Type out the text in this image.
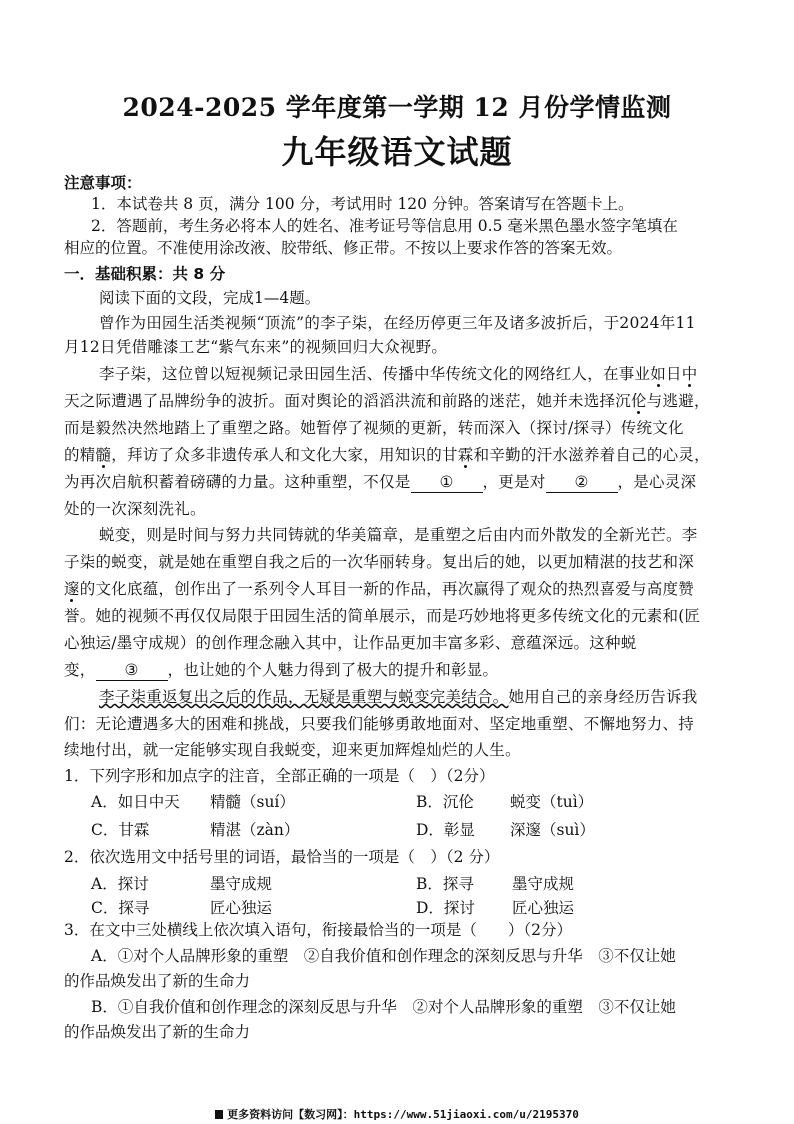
2024-2025 学年度第一学期 12 月份学情监测
九年级语文试题
注意事项：
1．本试卷共 8 页，满分 100 分，考试用时 120 分钟。答案请写在答题卡上。
2．答题前，考生务必将本人的姓名、准考证号等信息用 0.5 毫米黑色墨水签字笔填在
相应的位置。不准使用涂改液、胶带纸、修正带。不按以上要求作答的答案无效。
一．基础积累：共 8 分
阅读下面的文段，完成1—4题。
曾作为田园生活类视频“顶流”的李子柒，在经历停更三年及诸多波折后，于2024年11
月12日凭借雕漆工艺“紫气东来”的视频回归大众视野。
李子柒，这位曾以短视频记录田园生活、传播中华传统文化的网络红人，在事业如日中
天之际遭遇了品牌纷争的波折。面对舆论的滔滔洪流和前路的迷茫，她并未选择沉伦与逃避，
而是毅然决然地踏上了重塑之路。她暂停了视频的更新，转而深入（探讨/探寻）传统文化
的精髓，拜访了众多非遗传承人和文化大家，用知识的甘霖和辛勤的汗水滋养着自己的心灵，
为再次启航积蓄着磅礴的力量。这种重塑，不仅是 ① ，更是对 ② ，是心灵深
处的一次深刻洗礼。
蜕变，则是时间与努力共同铸就的华美篇章，是重塑之后由内而外散发的全新光芒。李
子柒的蜕变，就是她在重塑自我之后的一次华丽转身。复出后的她，以更加精湛的技艺和深
邃的文化底蕴，创作出了一系列令人耳目一新的作品，再次赢得了观众的热烈喜爱与高度赞
誉。她的视频不再仅仅局限于田园生活的简单展示，而是巧妙地将更多传统文化的元素和(匠
心独运/墨守成规）的创作理念融入其中，让作品更加丰富多彩、意蕴深远。这种蜕
变， ③ ，也让她的个人魅力得到了极大的提升和彰显。
李子柒重返复出之后的作品，无疑是重塑与蜕变完美结合。她用自己的亲身经历告诉我
们：无论遭遇多大的困难和挑战，只要我们能够勇敢地面对、坚定地重塑、不懈地努力、持
续地付出，就一定能够实现自我蜕变，迎来更加辉煌灿烂的人生。
1．下列字形和加点字的注音，全部正确的一项是（　）（2分）
A．如日中天 精髓（suí）	B．沉伦 蜕变（tuì）
C．甘霖	精湛（zàn）	D．彰显 深邃（suì）
2．依次选用文中括号里的词语，最恰当的一项是（　）（2 分）
A．探讨	墨守成规	B．探寻 墨守成规
C．探寻	匠心独运	D．探讨 匠心独运
3．在文中三处横线上依次填入语句，衔接最恰当的一项是（　　）（2分）
A．①对个人品牌形象的重塑　②自我价值和创作理念的深刻反思与升华　③不仅让她
的作品焕发出了新的生命力
B．①自我价值和创作理念的深刻反思与升华　②对个人品牌形象的重塑　③不仅让她
的作品焕发出了新的生命力
更多资料访问【数习网】：https://www.51jiaoxi.com/u/2195370
